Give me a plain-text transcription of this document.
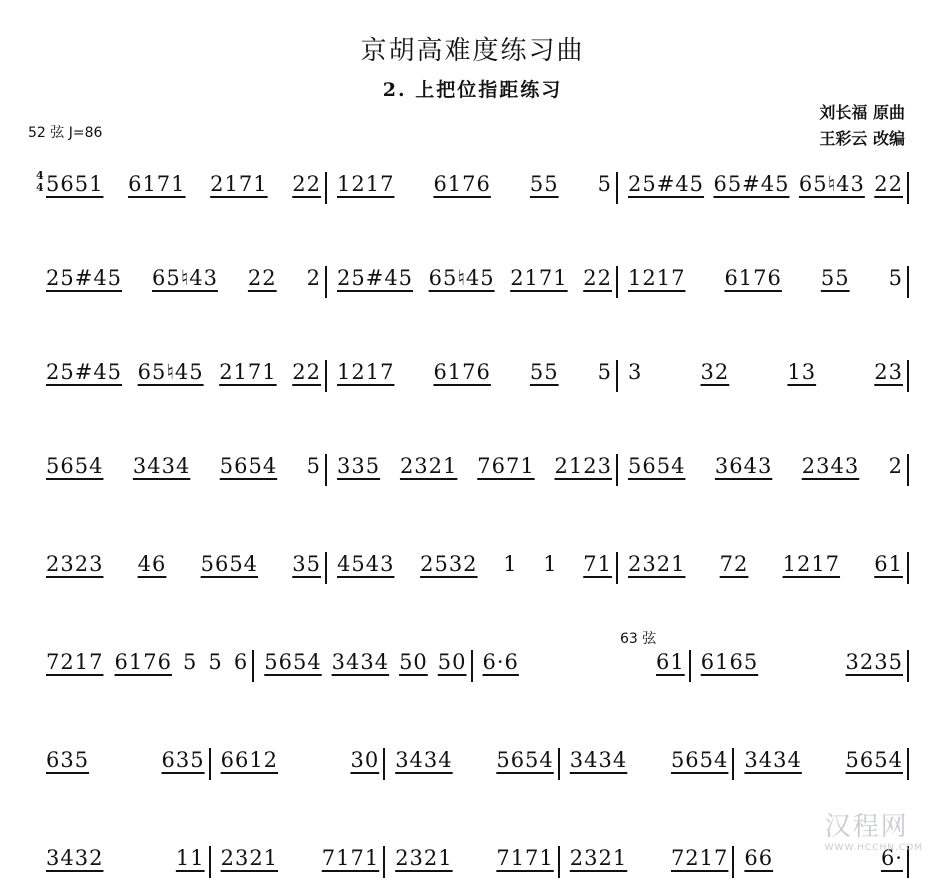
京胡高难度练习曲
2. 上把位指距练习
刘长福 原曲
王彩云 改编
52 弦 J=86
63 弦
4
4 5651 6171 2171 22 1217 6176 55 5 25#45 65#45 65♮43 22
25#45 65♮43 22 2 25#45 65♮45 2171 22 1217 6176 55 5
25#45 65♮45 2171 22 1217 6176 55 5 3	32	13	23
5654 3434 5654 5 335 2321 7671 2123 5654 3643 2343 2
2323 46 5654 35 4543 2532 1 1 71 2321 72 1217 61
7217 6176 5 5 6 5654 3434 50 50 6·6	61 6165	3235
635	635 6612	30 3434 5654 3434 5654 3434 5654
3432	11 2321 7171 2321 7171 2321 7217 66	6·
汉程网
WWW.HCCHN.COM
